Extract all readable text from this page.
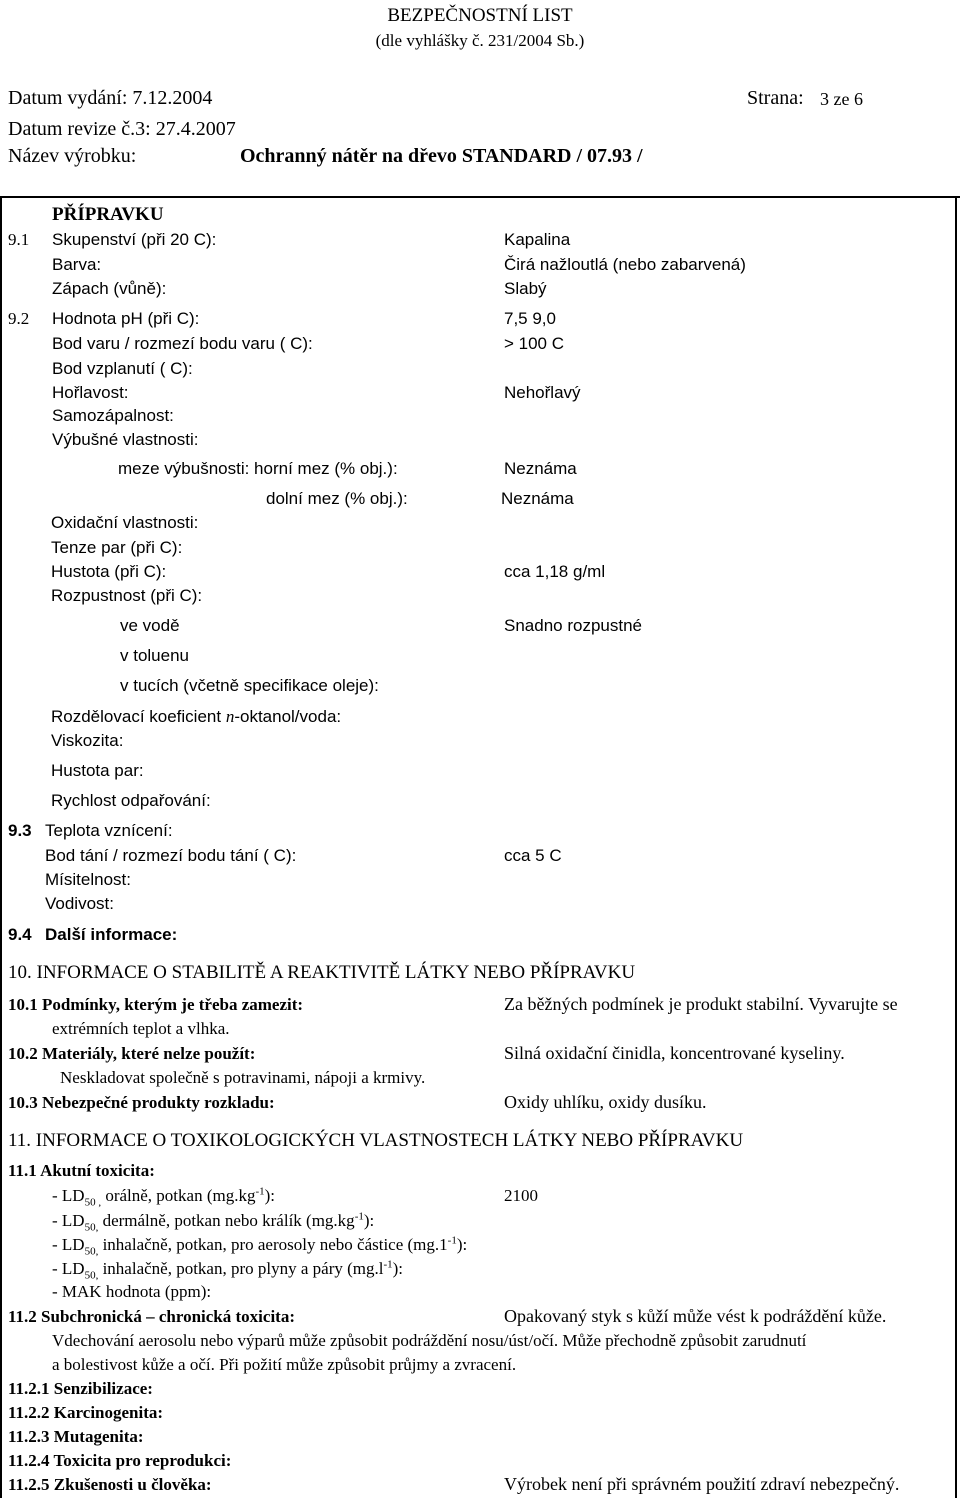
BEZPEČNOSTNÍ LIST
(dle vyhlášky č. 231/2004 Sb.)
Datum vydání: 7.12.2004	Strana: 3 ze 6
Datum revize č.3: 27.4.2007
Název výrobku:	Ochranný nátěr na dřevo STANDARD / 07.93 /
PŘÍPRAVKU
9.1 Skupenství (při 20 C):	Kapalina
Barva:	Čirá nažloutlá (nebo zabarvená)
Zápach (vůně):	Slabý
9.2 Hodnota pH (při C):	7,5 9,0
Bod varu / rozmezí bodu varu ( C):	> 100 C
Bod vzplanutí ( C):
Hořlavost:	Nehořlavý
Samozápalnost:
Výbušné vlastnosti:
meze výbušnosti: horní mez (% obj.):	Neznáma
dolní mez (% obj.):	Neznáma
Oxidační vlastnosti:
Tenze par (při C):
Hustota (při C):	cca 1,18 g/ml
Rozpustnost (při C):
ve vodě	Snadno rozpustné
v toluenu
v tucích (včetně specifikace oleje):
Rozdělovací koeficient n-oktanol/voda:
Viskozita:
Hustota par:
Rychlost odpařování:
9.3 Teplota vznícení:
Bod tání / rozmezí bodu tání ( C):	cca 5 C
Mísitelnost:
Vodivost:
9.4 Další informace:
10. INFORMACE O STABILITĚ A REAKTIVITĚ LÁTKY NEBO PŘÍPRAVKU
10.1 Podmínky, kterým je třeba zamezit:	Za běžných podmínek je produkt stabilní. Vyvarujte se
extrémních teplot a vlhka.
10.2 Materiály, které nelze použít:	Silná oxidační činidla, koncentrované kyseliny.
Neskladovat společně s potravinami, nápoji a krmivy.
10.3 Nebezpečné produkty rozkladu:	Oxidy uhlíku, oxidy dusíku.
11. INFORMACE O TOXIKOLOGICKÝCH VLASTNOSTECH LÁTKY NEBO PŘÍPRAVKU
11.1 Akutní toxicita:
- $LD_{50 ,}$ orálně, potkan $(mg.kg^{-1})$:	2100
- $LD_{50,}$ dermálně, potkan nebo králík $(mg.kg^{-1})$:
- $LD_{50,}$ inhalačně, potkan, pro aerosoly nebo částice $(mg.1^{-1})$:
- $LD_{50,}$ inhalačně, potkan, pro plyny a páry $(mg.l^{-1})$:
- MAK hodnota (ppm):
11.2 Subchronická – chronická toxicita:	Opakovaný styk s kůží může vést k podráždění kůže.
Vdechování aerosolu nebo výparů může způsobit podráždění nosu/úst/očí. Může přechodně způsobit zarudnutí
a bolestivost kůže a očí. Při požití může způsobit průjmy a zvracení.
11.2.1 Senzibilizace:
11.2.2 Karcinogenita:
11.2.3 Mutagenita:
11.2.4 Toxicita pro reprodukci:
11.2.5 Zkušenosti u člověka:	Výrobek není při správném použití zdraví nebezpečný.
